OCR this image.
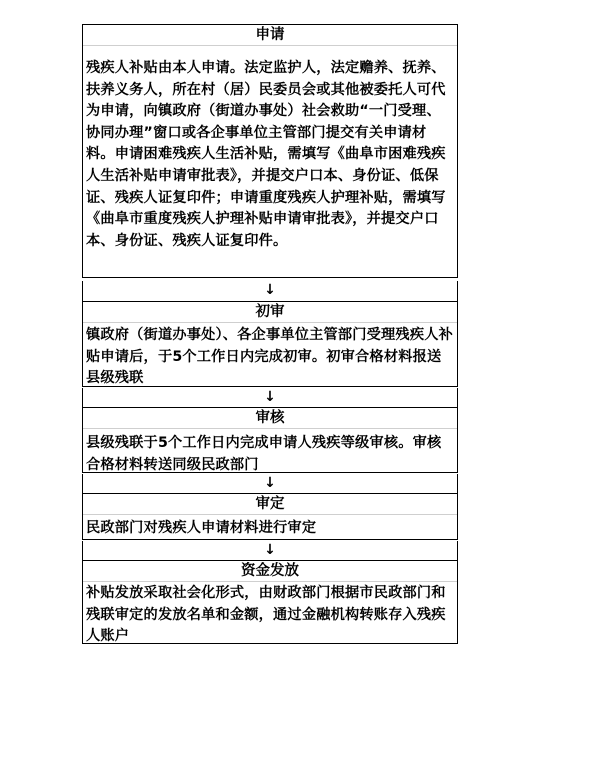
申请
残疾人补贴由本人申请。法定监护人，法定赡养、抚养、扶养义务人，所在村（居）民委员会或其他被委托人可代为申请，向镇政府（街道办事处）社会救助“一门受理、协同办理”窗口或各企事单位主管部门提交有关申请材料。申请困难残疾人生活补贴，需填写《曲阜市困难残疾人生活补贴申请审批表》，并提交户口本、身份证、低保证、残疾人证复印件；申请重度残疾人护理补贴，需填写《曲阜市重度残疾人护理补贴申请审批表》，并提交户口本、身份证、残疾人证复印件。
↓
初审
镇政府（街道办事处）、各企事单位主管部门受理残疾人补贴申请后，于5个工作日内完成初审。初审合格材料报送县级残联
↓
审核
县级残联于5个工作日内完成申请人残疾等级审核。审核合格材料转送同级民政部门
↓
审定
民政部门对残疾人申请材料进行审定
↓
资金发放
补贴发放采取社会化形式，由财政部门根据市民政部门和残联审定的发放名单和金额，通过金融机构转账存入残疾人账户
